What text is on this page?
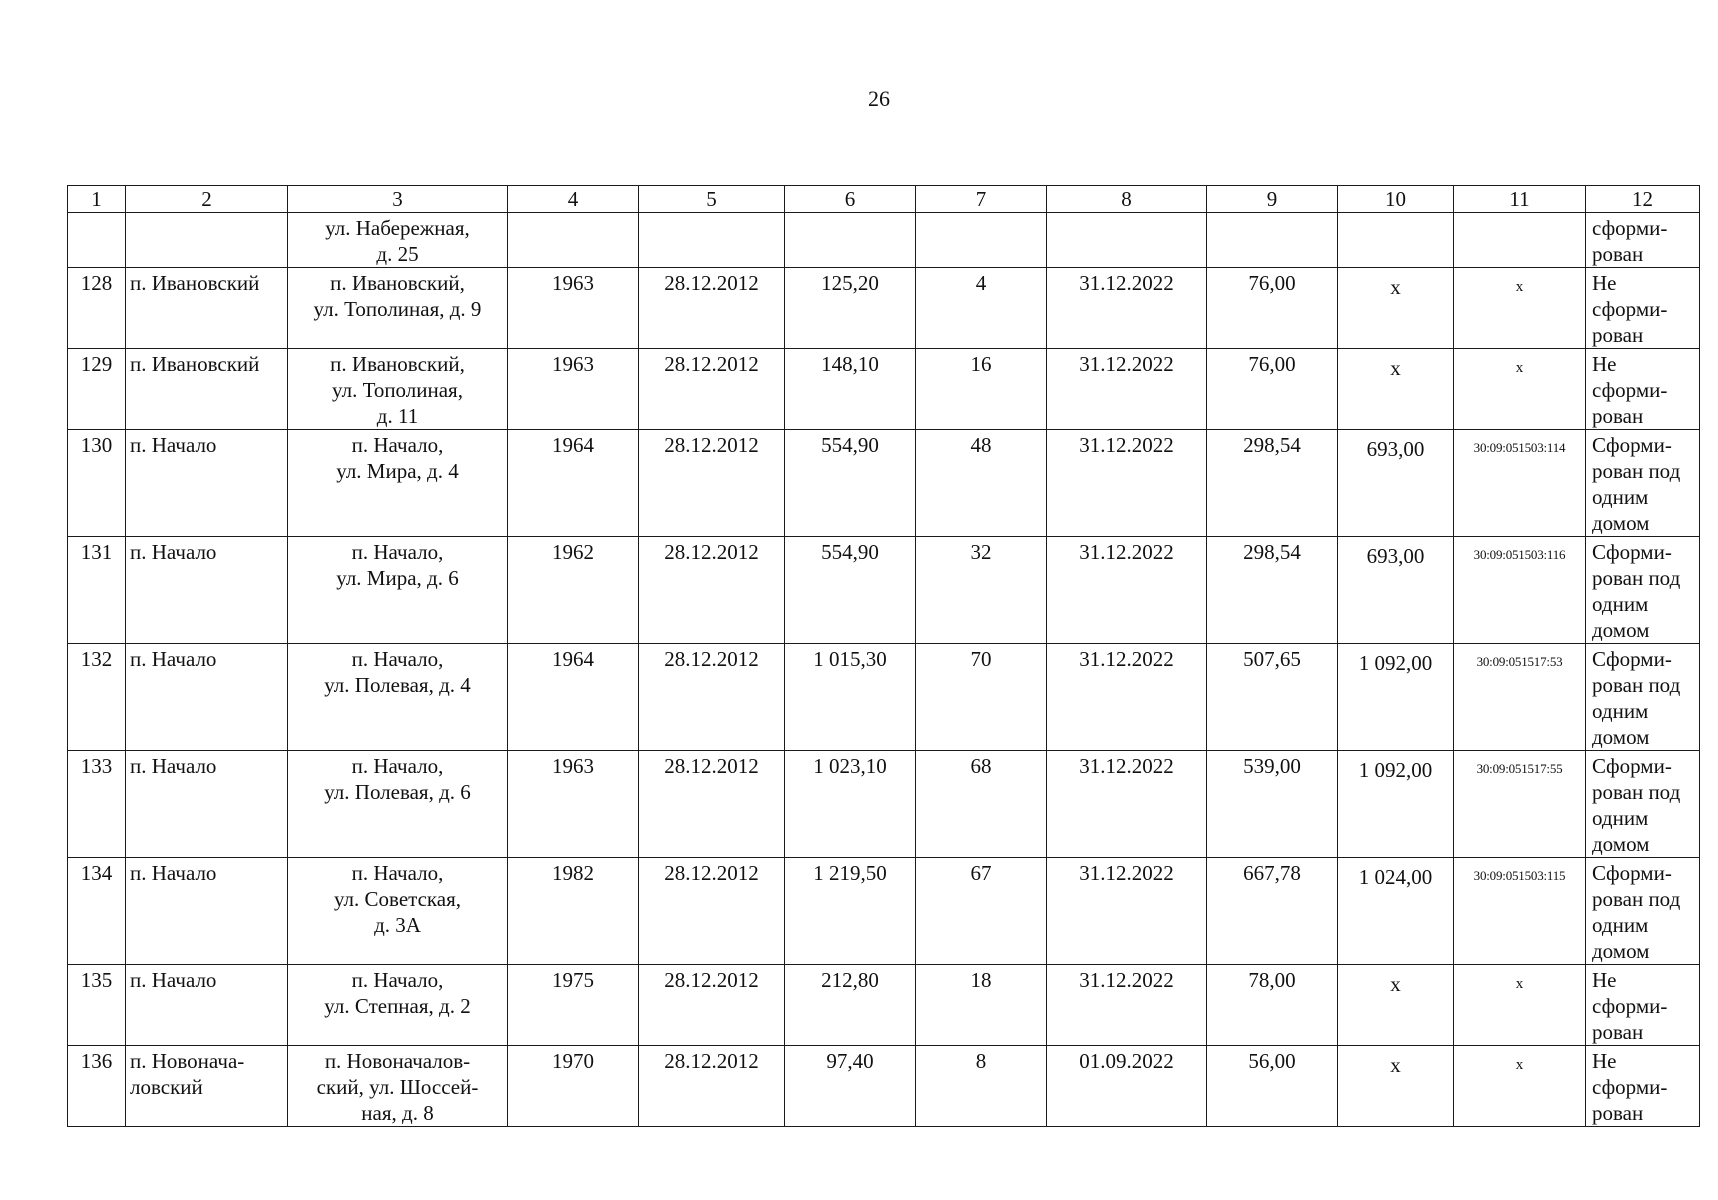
26
1	2	3	4	5	6	7	8	9	10	11	12
		ул. Набережная,
д. 25									сформи-
рован
128	п. Ивановский	п. Ивановский,
ул. Тополиная, д. 9	1963	28.12.2012	125,20	4	31.12.2022	76,00	х	х	Не
сформи-
рован
129	п. Ивановский	п. Ивановский,
ул. Тополиная,
д. 11	1963	28.12.2012	148,10	16	31.12.2022	76,00	х	х	Не
сформи-
рован
130	п. Начало	п. Начало,
ул. Мира, д. 4	1964	28.12.2012	554,90	48	31.12.2022	298,54	693,00	30:09:051503:114	Сформи-
рован под
одним
домом
131	п. Начало	п. Начало,
ул. Мира, д. 6	1962	28.12.2012	554,90	32	31.12.2022	298,54	693,00	30:09:051503:116	Сформи-
рован под
одним
домом
132	п. Начало	п. Начало,
ул. Полевая, д. 4	1964	28.12.2012	1 015,30	70	31.12.2022	507,65	1 092,00	30:09:051517:53	Сформи-
рован под
одним
домом
133	п. Начало	п. Начало,
ул. Полевая, д. 6	1963	28.12.2012	1 023,10	68	31.12.2022	539,00	1 092,00	30:09:051517:55	Сформи-
рован под
одним
домом
134	п. Начало	п. Начало,
ул. Советская,
д. 3А	1982	28.12.2012	1 219,50	67	31.12.2022	667,78	1 024,00	30:09:051503:115	Сформи-
рован под
одним
домом
135	п. Начало	п. Начало,
ул. Степная, д. 2	1975	28.12.2012	212,80	18	31.12.2022	78,00	х	х	Не
сформи-
рован
136	п. Новоначa-
ловский	п. Новоначалов-
ский, ул. Шоссей-
ная, д. 8	1970	28.12.2012	97,40	8	01.09.2022	56,00	х	х	Не
сформи-
рован
